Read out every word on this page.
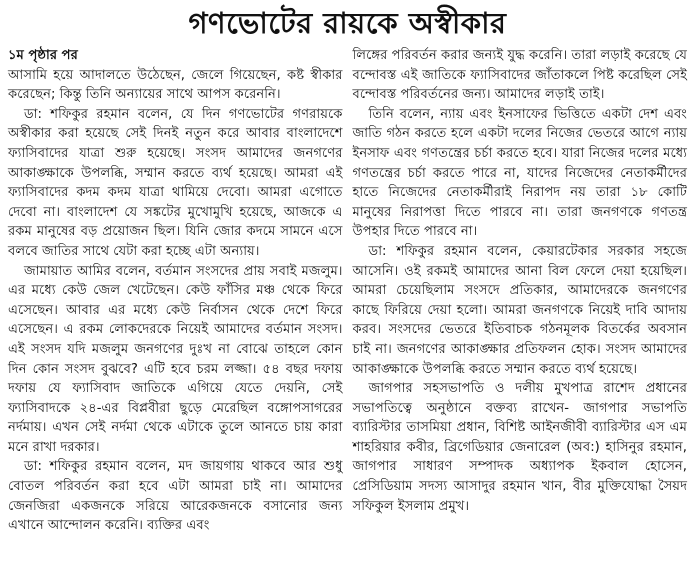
গণভোটের রায়কে অস্বীকার

১ম পৃষ্ঠার পর

আসামি হয়ে আদালতে উঠেছেন, জেলে গিয়েছেন, কষ্ট স্বীকার করেছেন; কিন্তু তিনি অন্যায়ের সাথে আপস করেননি।

ডা: শফিকুর রহমান বলেন, যে দিন গণভোটের গণরায়কে অস্বীকার করা হয়েছে সেই দিনই নতুন করে আবার বাংলাদেশে ফ্যাসিবাদের যাত্রা শুরু হয়েছে। সংসদ আমাদের জনগণের আকাঙ্ক্ষাকে উপলব্ধি, সম্মান করতে ব্যর্থ হয়েছে। আমরা এই ফ্যাসিবাদের কদম কদম যাত্রা থামিয়ে দেবো। আমরা এগোতে দেবো না। বাংলাদেশ যে সঙ্কটের মুখোমুখি হয়েছে, আজকে এ রকম মানুষের বড় প্রয়োজন ছিল। যিনি জোর কদমে সামনে এসে বলবে জাতির সাথে যেটা করা হচ্ছে এটা অন্যায়।

জামায়াত আমির বলেন, বর্তমান সংসদের প্রায় সবাই মজলুম। এর মধ্যে কেউ জেল খেটেছেন। কেউ ফাঁসির মঞ্চ থেকে ফিরে এসেছেন। আবার এর মধ্যে কেউ নির্বাসন থেকে দেশে ফিরে এসেছেন। এ রকম লোকদেরকে নিয়েই আমাদের বর্তমান সংসদ। এই সংসদ যদি মজলুম জনগণের দুঃখ না বোঝে তাহলে কোন দিন কোন সংসদ বুঝবে? এটি হবে চরম লজ্জা। ৫৪ বছর দফায় দফায় যে ফ্যাসিবাদ জাতিকে এগিয়ে যেতে দেয়নি, সেই ফ্যাসিবাদকে ২৪-এর বিপ্লবীরা ছুড়ে মেরেছিল বঙ্গোপসাগরের নর্দমায়। এখন সেই নর্দমা থেকে এটাকে তুলে আনতে চায় কারা মনে রাখা দরকার।

ডা: শফিকুর রহমান বলেন, মদ জায়গায় থাকবে আর শুধু বোতল পরিবর্তন করা হবে এটা আমরা চাই না। আমাদের জেনজিরা একজনকে সরিয়ে আরেকজনকে বসানোর জন্য এখানে আন্দোলন করেনি। ব্যক্তির এবং

লিঙ্গের পরিবর্তন করার জন্যই যুদ্ধ করেনি। তারা লড়াই করেছে যে বন্দোবস্ত এই জাতিকে ফ্যাসিবাদের জাঁতাকলে পিষ্ট করেছিল সেই বন্দোবস্ত পরিবর্তনের জন্য। আমাদের লড়াই তাই।

তিনি বলেন, ন্যায় এবং ইনসাফের ভিত্তিতে একটা দেশ এবং জাতি গঠন করতে হলে একটা দলের নিজের ভেতরে আগে ন্যায় ইনসাফ এবং গণতন্ত্রের চর্চা করতে হবে। যারা নিজের দলের মধ্যে গণতন্ত্রের চর্চা করতে পারে না, যাদের নিজেদের নেতাকর্মীদের হাতে নিজেদের নেতাকর্মীরাই নিরাপদ নয় তারা ১৮ কোটি মানুষের নিরাপত্তা দিতে পারবে না। তারা জনগণকে গণতন্ত্র উপহার দিতে পারবে না।

ডা: শফিকুর রহমান বলেন, কেয়ারটেকার সরকার সহজে আসেনি। ওই রকমই আমাদের আনা বিল ফেলে দেয়া হয়েছিল। আমরা চেয়েছিলাম সংসদে প্রতিকার, আমাদেরকে জনগণের কাছে ফিরিয়ে দেয়া হলো। আমরা জনগণকে নিয়েই দাবি আদায় করব। সংসদের ভেতরে ইতিবাচক গঠনমূলক বিতর্কের অবসান চাই না। জনগণের আকাঙ্ক্ষার প্রতিফলন হোক। সংসদ আমাদের আকাঙ্ক্ষাকে উপলব্ধি করতে সম্মান করতে ব্যর্থ হয়েছে।

জাগপার সহসভাপতি ও দলীয় মুখপাত্র রাশেদ প্রধানের সভাপতিত্বে অনুষ্ঠানে বক্তব্য রাখেন- জাগপার সভাপতি ব্যারিস্টার তাসমিয়া প্রধান, বিশিষ্ট আইনজীবী ব্যারিস্টার এস এম শাহরিয়ার কবীর, ব্রিগেডিয়ার জেনারেল (অব:) হাসিনুর রহমান, জাগপার সাধারণ সম্পাদক অধ্যাপক ইকবাল হোসেন, প্রেসিডিয়াম সদস্য আসাদুর রহমান খান, বীর মুক্তিযোদ্ধা সৈয়দ সফিকুল ইসলাম প্রমুখ।
